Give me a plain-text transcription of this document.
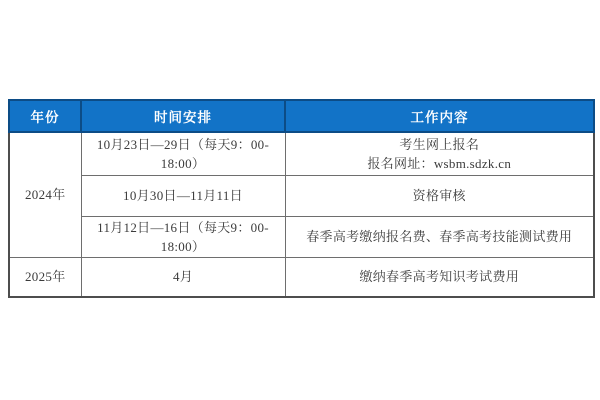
年份	时间安排	工作内容
2024年	10月23日—29日（每天9：00-18:00）	考生网上报名
报名网址：wsbm.sdzk.cn
	10月30日—11月11日	资格审核
	11月12日—16日（每天9：00-18:00）	春季高考缴纳报名费、春季高考技能测试费用
2025年	4月	缴纳春季高考知识考试费用
